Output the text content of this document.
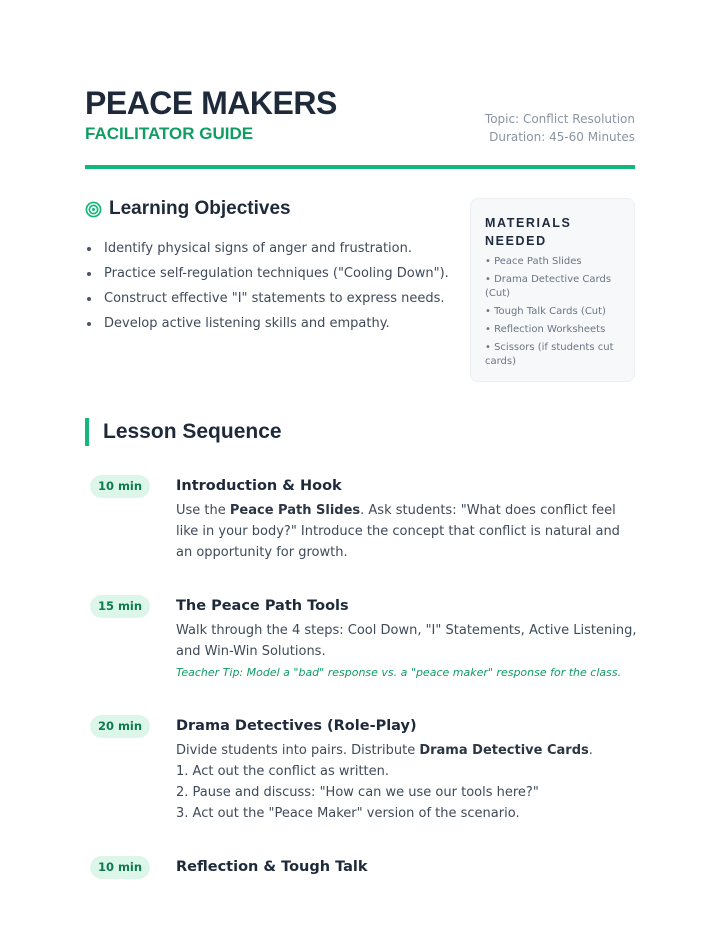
PEACE MAKERS
FACILITATOR GUIDE
Topic: Conflict Resolution
Duration: 45-60 Minutes
Learning Objectives
Identify physical signs of anger and frustration.
Practice self-regulation techniques ("Cooling Down").
Construct effective "I" statements to express needs.
Develop active listening skills and empathy.
MATERIALS NEEDED
• Peace Path Slides
• Drama Detective Cards (Cut)
• Tough Talk Cards (Cut)
• Reflection Worksheets
• Scissors (if students cut cards)
Lesson Sequence
10 min	Introduction & Hook
Use the Peace Path Slides. Ask students: "What does conflict feel like in your body?" Introduce the concept that conflict is natural and an opportunity for growth.
15 min	The Peace Path Tools
Walk through the 4 steps: Cool Down, "I" Statements, Active Listening, and Win-Win Solutions.
Teacher Tip: Model a "bad" response vs. a "peace maker" response for the class.
20 min	Drama Detectives (Role-Play)
Divide students into pairs. Distribute Drama Detective Cards.
1. Act out the conflict as written.
2. Pause and discuss: "How can we use our tools here?"
3. Act out the "Peace Maker" version of the scenario.
10 min	Reflection & Tough Talk
